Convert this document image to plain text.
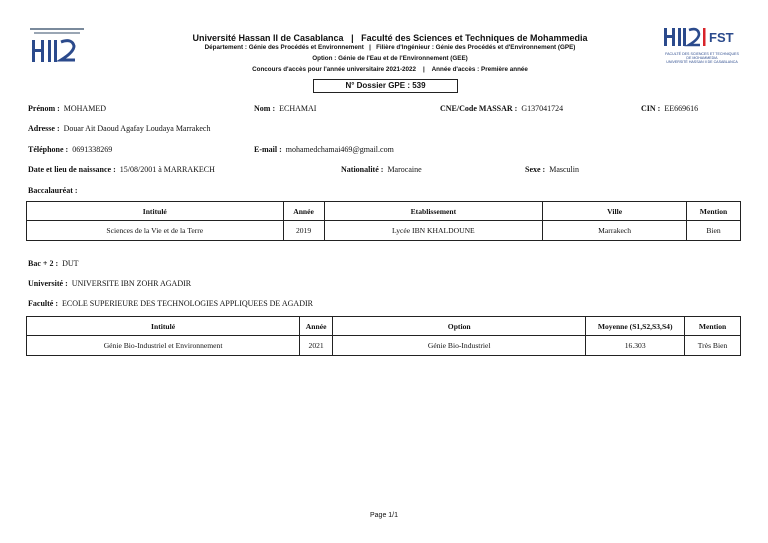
Université Hassan II de Casablanca | Faculté des Sciences et Techniques de Mohammedia
Département : Génie des Procédés et Environnement   |   Filière d'Ingénieur : Génie des Procédés et d'Environnement (GPE)
Option : Génie de l'Eau et de l'Environnement (GEE)
Concours d'accès pour l'année universitaire 2021-2022    |    Année d'accès : Première année
N° Dossier GPE : 539
FST
FACULTÉ DES SCIENCES ET TECHNIQUES
DE MOHAMMEDIA
UNIVERSITÉ HASSAN II DE CASABLANCA
Prénom : MOHAMED	Nom : ECHAMAI	CNE/Code MASSAR : G137041724	CIN : EE669616
Adresse : Douar Ait Daoud Agafay Loudaya Marrakech
Téléphone : 0691338269	E-mail : mohamedchamai469@gmail.com
Date et lieu de naissance : 15/08/2001 à MARRAKECH	Nationalité : Marocaine	Sexe : Masculin
Baccalauréat :
Intitulé	Année	Etablissement	Ville	Mention
Sciences de la Vie et de la Terre	2019	Lycée IBN KHALDOUNE	Marrakech	Bien
Bac + 2 : DUT
Université : UNIVERSITE IBN ZOHR AGADIR
Faculté : ECOLE SUPERIEURE DES TECHNOLOGIES APPLIQUEES DE AGADIR
Intitulé	Année	Option	Moyenne (S1,S2,S3,S4)	Mention
Génie Bio-Industriel et Environnement	2021	Génie Bio-Industriel	16.303	Très Bien
Page 1/1
